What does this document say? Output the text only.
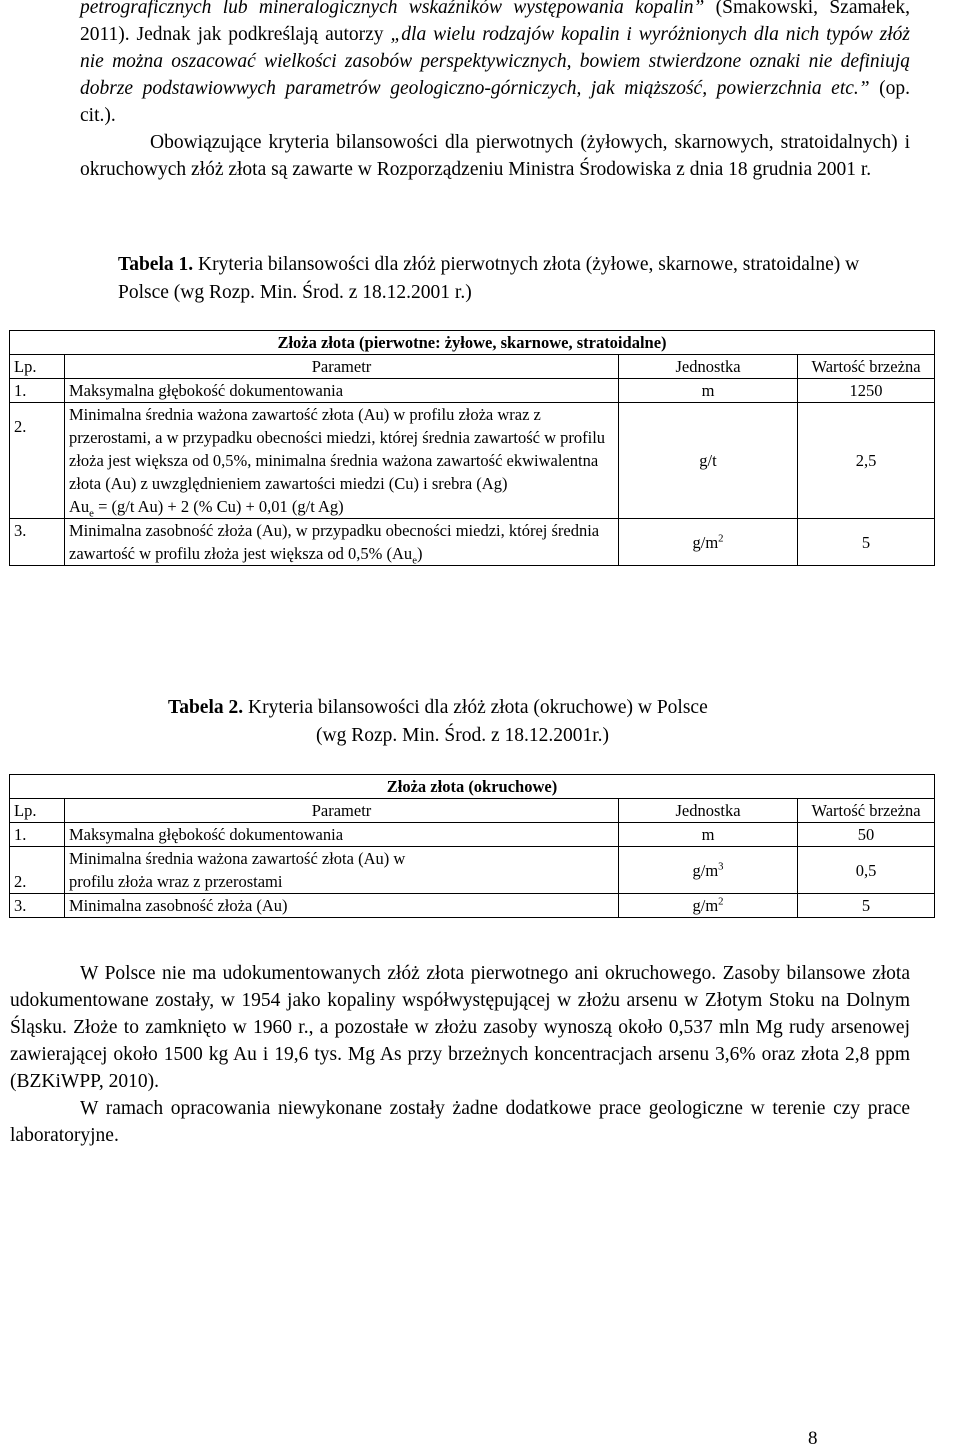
petrograficznych lub mineralogicznych wskaźników występowania kopalin” (Smakowski, Szamałek, 2011). Jednak jak podkreślają autorzy „dla wielu rodzajów kopalin i wyróżnionych dla nich typów złóż nie można oszacować wielkości zasobów perspektywicznych, bowiem stwierdzone oznaki nie definiują dobrze podstawiowwych parametrów geologiczno-górniczych, jak miąższość, powierzchnia etc.” (op. cit.).

Obowiązujące kryteria bilansowości dla pierwotnych (żyłowych, skarnowych, stratoidalnych) i okruchowych złóż złota są zawarte w Rozporządzeniu Ministra Środowiska z dnia 18 grudnia 2001 r.

Tabela 1. Kryteria bilansowości dla złóż pierwotnych złota (żyłowe, skarnowe, stratoidalne) w Polsce (wg Rozp. Min. Środ. z 18.12.2001 r.)
Złoża złota (pierwotne: żyłowe, skarnowe, stratoidalne)			
Lp.	Parametr	Jednostka	Wartość brzeżna
1.	Maksymalna głębokość dokumentowania	m	1250
2.	Minimalna średnia ważona zawartość złota (Au) w profilu złoża wraz z przerostami, a w przypadku obecności miedzi, której średnia zawartość w profilu złoża jest większa od 0,5%, minimalna średnia ważona zawartość ekwiwalentna złota (Au) z uwzględnieniem zawartości miedzi (Cu) i srebra (Ag)
$Au_e = (g/t$ Au) + 2 (% Cu) + 0,01 (g/t Ag)	g/t	2,5
3.	Minimalna zasobność złoża (Au), w przypadku obecności miedzi, której średnia zawartość w profilu złoża jest większa od 0,5% $(Au_e)$	$g/m^2$	5
Tabela 2. Kryteria bilansowości dla złóż złota (okruchowe) w Polsce
(wg Rozp. Min. Środ. z 18.12.2001r.)
Złoża złota (okruchowe)			
Lp.	Parametr	Jednostka	Wartość brzeżna
1.	Maksymalna głębokość dokumentowania	m	50
2.	Minimalna średnia ważona zawartość złota (Au) w profilu złoża wraz z przerostami	$g/m^3$	0,5
3.	Minimalna zasobność złoża (Au)	$g/m^2$	5

W Polsce nie ma udokumentowanych złóż złota pierwotnego ani okruchowego. Zasoby bilansowe złota udokumentowane zostały, w 1954 jako kopaliny współwystępującej w złożu arsenu w Złotym Stoku na Dolnym Śląsku. Złoże to zamknięto w 1960 r., a pozostałe w złożu zasoby wynoszą około 0,537 mln Mg rudy arsenowej zawierającej około 1500 kg Au i 19,6 tys. Mg As przy brzeżnych koncentracjach arsenu 3,6% oraz złota 2,8 ppm (BZKiWPP, 2010).

W ramach opracowania niewykonane zostały żadne dodatkowe prace geologiczne w terenie czy prace laboratoryjne.

8
